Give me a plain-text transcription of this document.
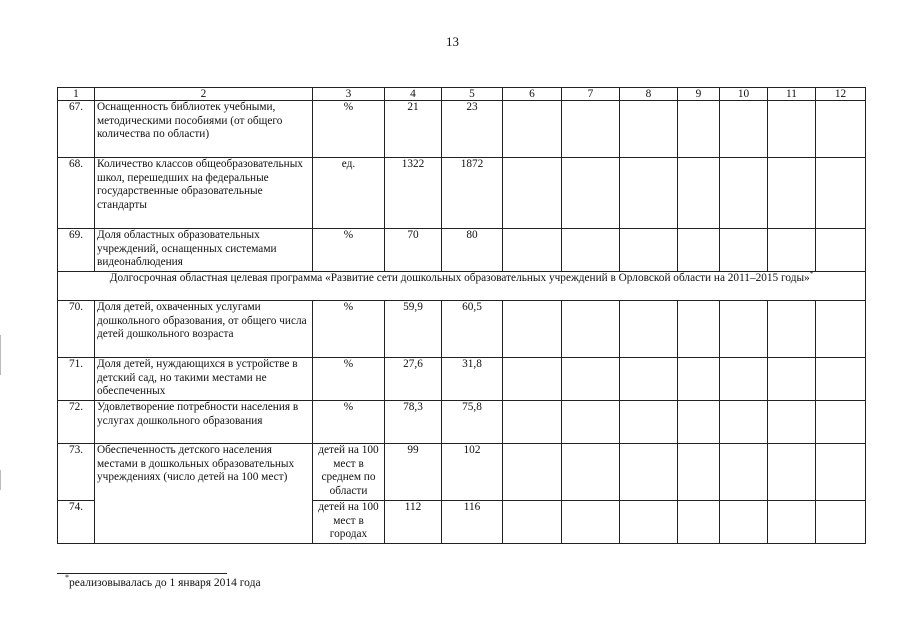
13
1	2	3	4	5	6	7	8	9	10	11	12
67.	Оснащенность библиотек учебными, методическими пособиями (от общего количества по области)	%	21	23							
68.	Количество классов общеобразовательных школ, перешедших на федеральные государственные образовательные стандарты	ед.	1322	1872							
69.	Доля областных образовательных учреждений, оснащенных системами видеонаблюдения	%	70	80							
Долгосрочная областная целевая программа «Развитие сети дошкольных образовательных учреждений в Орловской области на 2011–2015 годы»*
70.	Доля детей, охваченных услугами дошкольного образования, от общего числа детей дошкольного возраста	%	59,9	60,5							
71.	Доля детей, нуждающихся в устройстве в детский сад, но такими местами не обеспеченных	%	27,6	31,8							
72.	Удовлетворение потребности населения в услугах дошкольного образования	%	78,3	75,8							
73.	Обеспеченность детского населения местами в дошкольных образовательных учреждениях (число детей на 100 мест)	детей на 100 мест в среднем по области	99	102							
74.		детей на 100 мест в городах	112	116							
* реализовывалась до 1 января 2014 года
